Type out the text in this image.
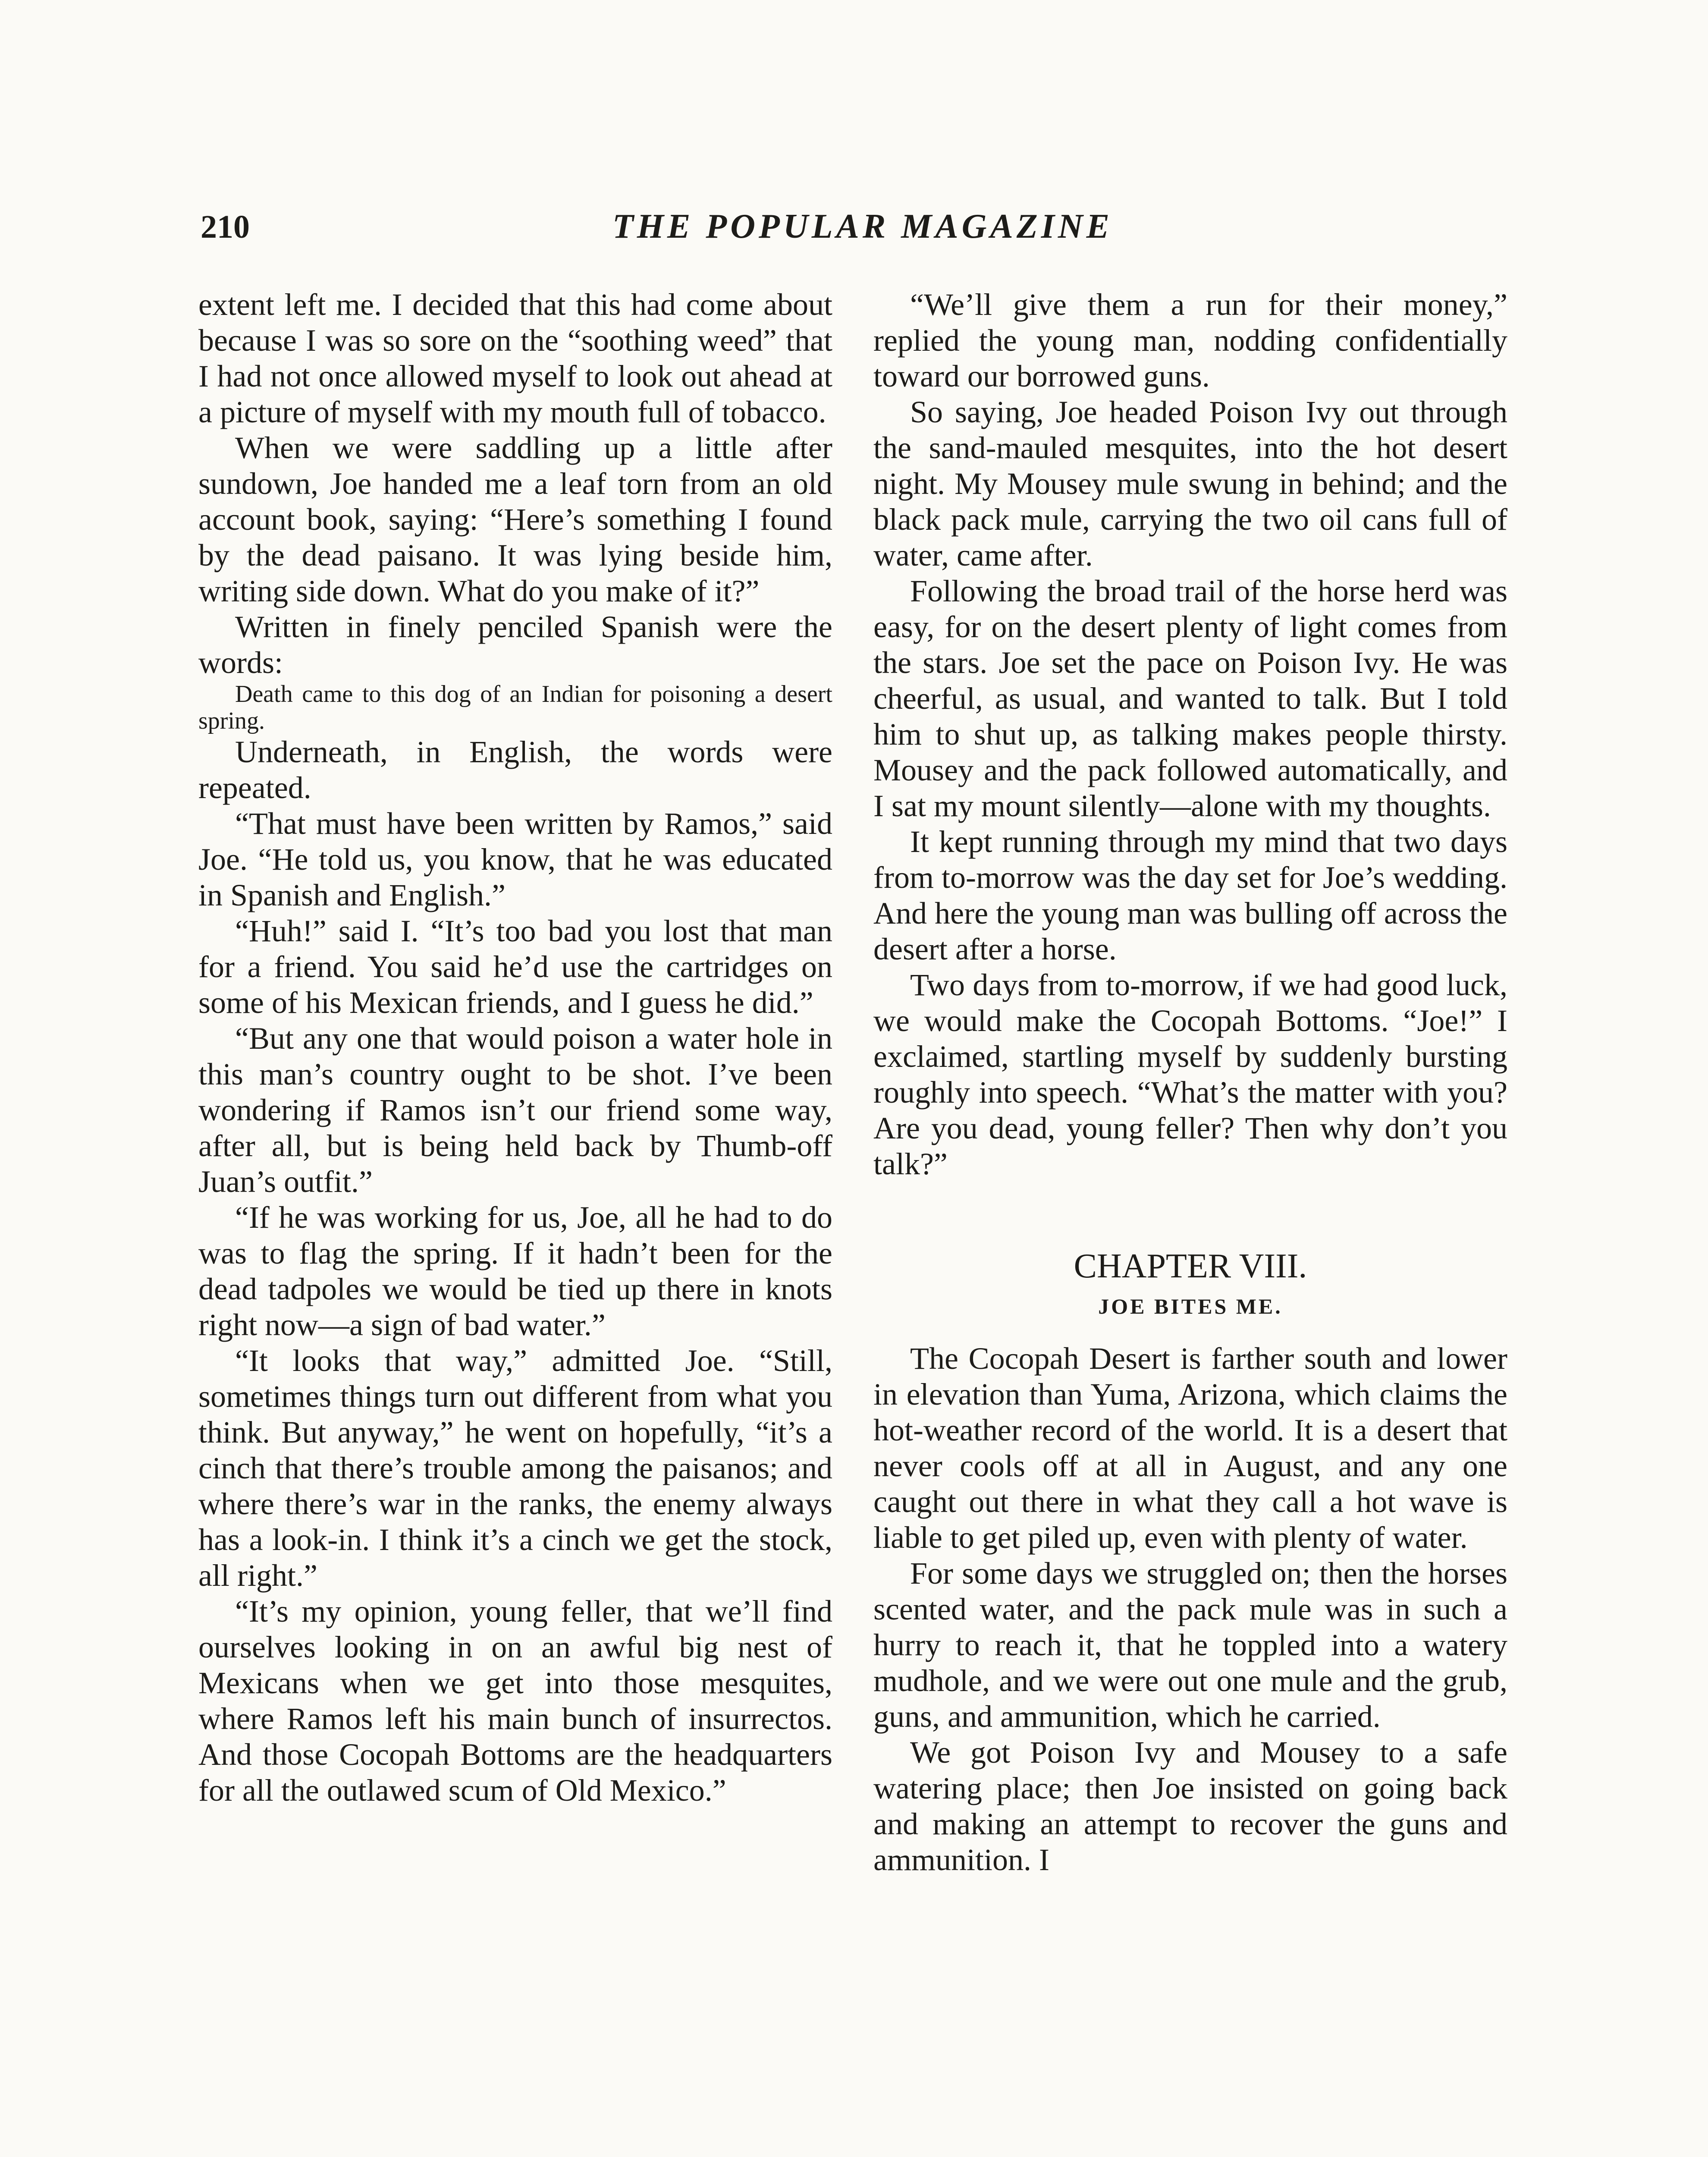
210	THE POPULAR MAGAZINE

extent left me. I decided that this had come about because I was so sore on the “soothing weed” that I had not once allowed myself to look out ahead at a picture of myself with my mouth full of tobacco.

When we were saddling up a little after sundown, Joe handed me a leaf torn from an old account book, saying: “Here’s something I found by the dead paisano. It was lying beside him, writing side down. What do you make of it?”

Written in finely penciled Spanish were the words:

Death came to this dog of an Indian for poisoning a desert spring.

Underneath, in English, the words were repeated.

“That must have been written by Ramos,” said Joe. “He told us, you know, that he was educated in Spanish and English.”

“Huh!” said I. “It’s too bad you lost that man for a friend. You said he’d use the cartridges on some of his Mexican friends, and I guess he did.”

“But any one that would poison a water hole in this man’s country ought to be shot. I’ve been wondering if Ramos isn’t our friend some way, after all, but is being held back by Thumb-off Juan’s outfit.”

“If he was working for us, Joe, all he had to do was to flag the spring. If it hadn’t been for the dead tadpoles we would be tied up there in knots right now—a sign of bad water.”

“It looks that way,” admitted Joe. “Still, sometimes things turn out different from what you think. But anyway,” he went on hopefully, “it’s a cinch that there’s trouble among the paisanos; and where there’s war in the ranks, the enemy always has a look-in. I think it’s a cinch we get the stock, all right.”

“It’s my opinion, young feller, that we’ll find ourselves looking in on an awful big nest of Mexicans when we get into those mesquites, where Ramos left his main bunch of insurrectos. And those Cocopah Bottoms are the headquarters for all the outlawed scum of Old Mexico.”

“We’ll give them a run for their money,” replied the young man, nodding confidentially toward our borrowed guns.

So saying, Joe headed Poison Ivy out through the sand-mauled mesquites, into the hot desert night. My Mousey mule swung in behind; and the black pack mule, carrying the two oil cans full of water, came after.

Following the broad trail of the horse herd was easy, for on the desert plenty of light comes from the stars. Joe set the pace on Poison Ivy. He was cheerful, as usual, and wanted to talk. But I told him to shut up, as talking makes people thirsty. Mousey and the pack followed automatically, and I sat my mount silently—alone with my thoughts.

It kept running through my mind that two days from to-morrow was the day set for Joe’s wedding. And here the young man was bulling off across the desert after a horse.

Two days from to-morrow, if we had good luck, we would make the Cocopah Bottoms. “Joe!” I exclaimed, startling myself by suddenly bursting roughly into speech. “What’s the matter with you? Are you dead, young feller? Then why don’t you talk?”

CHAPTER VIII.
JOE BITES ME.

The Cocopah Desert is farther south and lower in elevation than Yuma, Arizona, which claims the hot-weather record of the world. It is a desert that never cools off at all in August, and any one caught out there in what they call a hot wave is liable to get piled up, even with plenty of water.

For some days we struggled on; then the horses scented water, and the pack mule was in such a hurry to reach it, that he toppled into a watery mudhole, and we were out one mule and the grub, guns, and ammunition, which he carried.

We got Poison Ivy and Mousey to a safe watering place; then Joe insisted on going back and making an attempt to recover the guns and ammunition. I
